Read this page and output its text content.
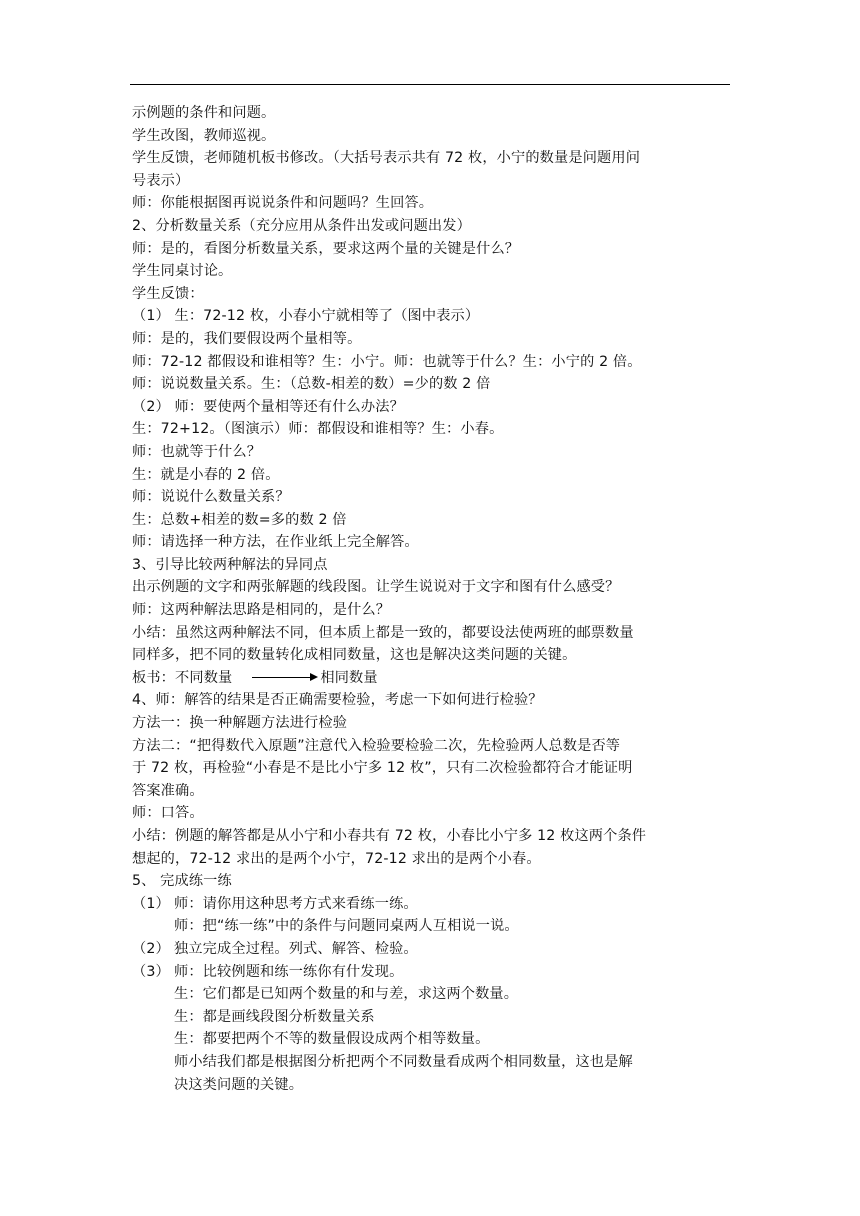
示例题的条件和问题。
学生改图，教师巡视。
学生反馈，老师随机板书修改。（大括号表示共有 72 枚，小宁的数量是问题用问
号表示）
师：你能根据图再说说条件和问题吗？生回答。
2、分析数量关系（充分应用从条件出发或问题出发）
师：是的，看图分析数量关系，要求这两个量的关键是什么？
学生同桌讨论。
学生反馈：
（1） 生：72-12 枚，小春小宁就相等了（图中表示）
师：是的，我们要假设两个量相等。
师：72-12 都假设和谁相等？生：小宁。师：也就等于什么？生：小宁的 2 倍。
师：说说数量关系。生：（总数-相差的数）=少的数 2 倍
（2） 师：要使两个量相等还有什么办法？
生：72+12。（图演示）师：都假设和谁相等？生：小春。
师：也就等于什么？
生：就是小春的 2 倍。
师：说说什么数量关系？
生：总数+相差的数=多的数 2 倍
师：请选择一种方法，在作业纸上完全解答。
3、引导比较两种解法的异同点
出示例题的文字和两张解题的线段图。让学生说说对于文字和图有什么感受？
师：这两种解法思路是相同的，是什么？
小结：虽然这两种解法不同，但本质上都是一致的，都要设法使两班的邮票数量
同样多，把不同的数量转化成相同数量，这也是解决这类问题的关键。
板书：不同数量	相同数量
4、师：解答的结果是否正确需要检验，考虑一下如何进行检验？
方法一：换一种解题方法进行检验
方法二：“把得数代入原题”注意代入检验要检验二次，先检验两人总数是否等
于 72 枚，再检验“小春是不是比小宁多 12 枚”，只有二次检验都符合才能证明
答案准确。
师：口答。
小结：例题的解答都是从小宁和小春共有 72 枚，小春比小宁多 12 枚这两个条件
想起的，72-12 求出的是两个小宁，72-12 求出的是两个小春。
5、 完成练一练
（1） 师：请你用这种思考方式来看练一练。
师：把“练一练”中的条件与问题同桌两人互相说一说。
（2） 独立完成全过程。列式、解答、检验。
（3） 师：比较例题和练一练你有什发现。
生：它们都是已知两个数量的和与差，求这两个数量。
生：都是画线段图分析数量关系
生：都要把两个不等的数量假设成两个相等数量。
师小结我们都是根据图分析把两个不同数量看成两个相同数量，这也是解
决这类问题的关键。
